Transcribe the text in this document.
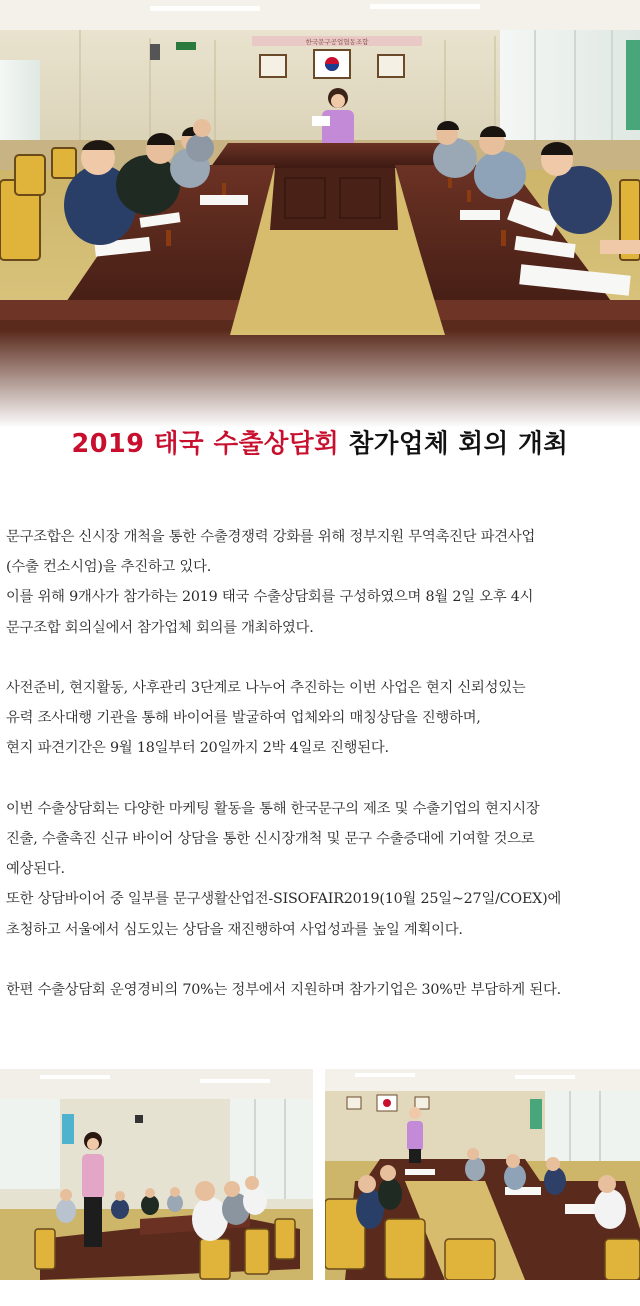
한국문구공업협동조합
2019 태국 수출상담회 참가업체 회의 개최

문구조합은 신시장 개척을 통한 수출경쟁력 강화를 위해 정부지원 무역촉진단 파견사업
(수출 컨소시엄)을 추진하고 있다.
이를 위해 9개사가 참가하는 2019 태국 수출상담회를 구성하였으며 8월 2일 오후 4시
문구조합 회의실에서 참가업체 회의를 개최하였다.

사전준비, 현지활동, 사후관리 3단계로 나누어 추진하는 이번 사업은 현지 신뢰성있는
유력 조사대행 기관을 통해 바이어를 발굴하여 업체와의 매칭상담을 진행하며,
현지 파견기간은 9월 18일부터 20일까지 2박 4일로 진행된다.

이번 수출상담회는 다양한 마케팅 활동을 통해 한국문구의 제조 및 수출기업의 현지시장
진출, 수출촉진 신규 바이어 상담을 통한 신시장개척 및 문구 수출증대에 기여할 것으로
예상된다.
또한 상담바이어 중 일부를 문구생활산업전-SISOFAIR2019(10월 25일~27일/COEX)에
초청하고 서울에서 심도있는 상담을 재진행하여 사업성과를 높일 계획이다.

한편 수출상담회 운영경비의 70%는 정부에서 지원하며 참가기업은 30%만 부담하게 된다.
